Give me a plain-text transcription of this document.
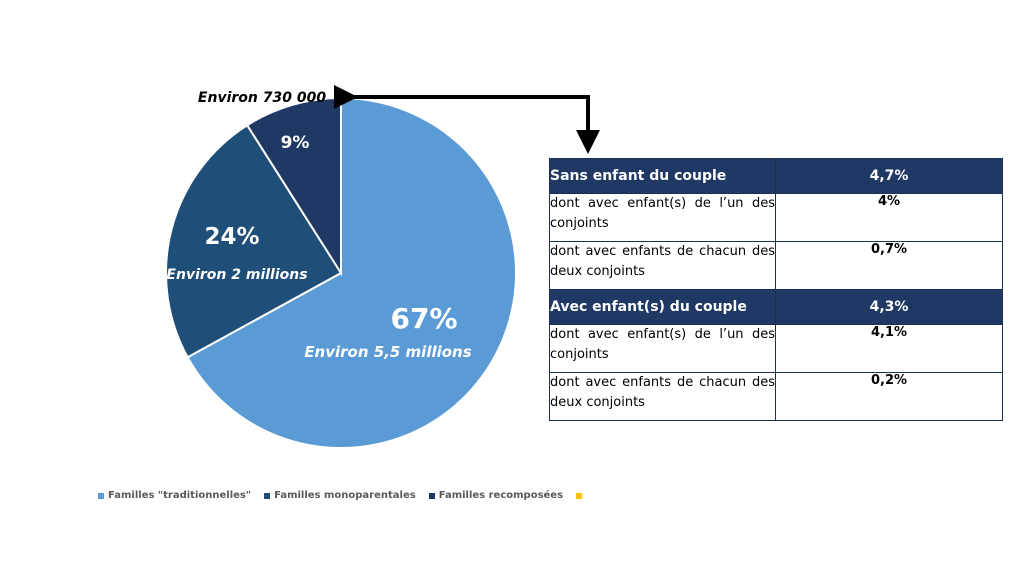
67%
Environ 5,5 millions
24%
Environ 2 millions
9%
Environ 730 000
Sans enfant du couple	4,7%
dont avec enfant(s) de l’un des conjoints	4%
dont avec enfants de chacun des deux conjoints	0,7%
Avec enfant(s) du couple	4,3%
dont avec enfant(s) de l’un des conjoints	4,1%
dont avec enfants de chacun des deux conjoints	0,2%
Familles "traditionnelles" Familles monoparentales Familles recomposées
